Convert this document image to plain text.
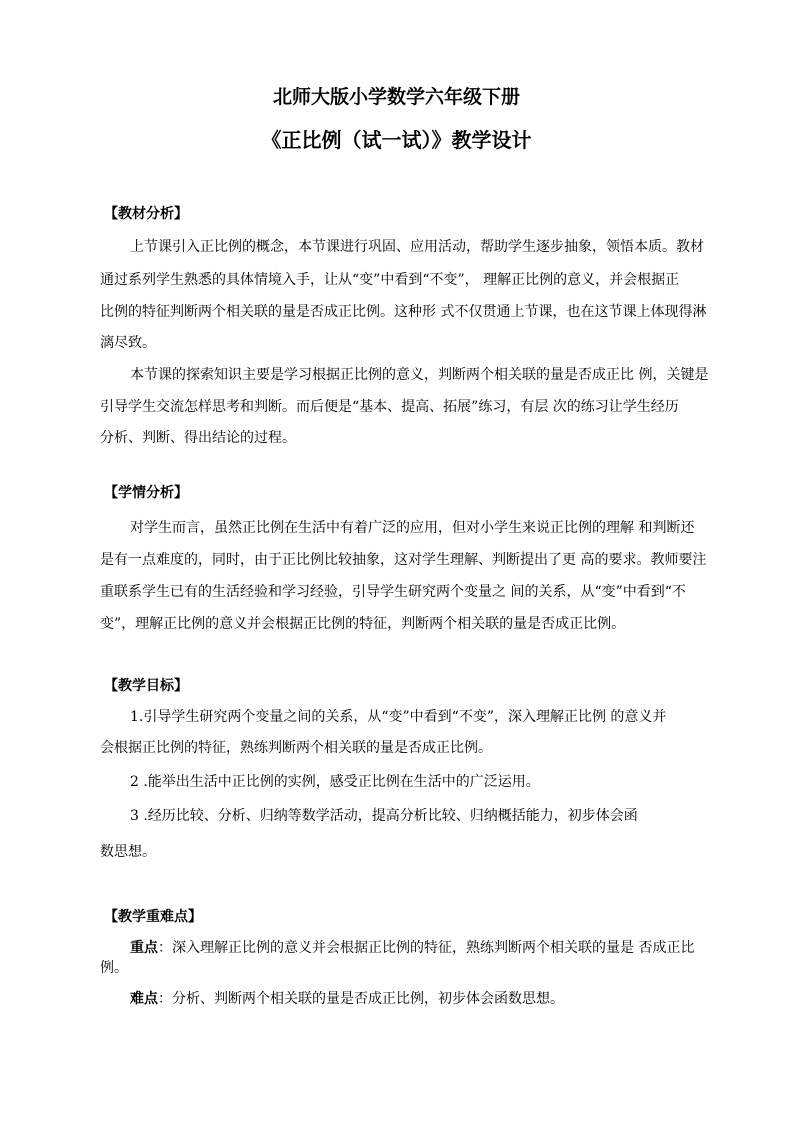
北师大版小学数学六年级下册
《正比例（试一试）》教学设计
【教材分析】
上节课引入正比例的概念，本节课进行巩固、应用活动，帮助学生逐步抽象，领悟本质。教材
通过系列学生熟悉的具体情境入手，让从“变”中看到“不变”， 理解正比例的意义，并会根据正
比例的特征判断两个相关联的量是否成正比例。这种形 式不仅贯通上节课，也在这节课上体现得淋
漓尽致。
本节课的探索知识主要是学习根据正比例的意义，判断两个相关联的量是否成正比 例，关键是
引导学生交流怎样思考和判断。而后便是“基本、提高、拓展”练习，有层 次的练习让学生经历
分析、判断、得出结论的过程。
【学情分析】
对学生而言，虽然正比例在生活中有着广泛的应用，但对小学生来说正比例的理解 和判断还
是有一点难度的，同时，由于正比例比较抽象，这对学生理解、判断提出了更 高的要求。教师要注
重联系学生已有的生活经验和学习经验，引导学生研究两个变量之 间的关系，从“变”中看到“不
变”，理解正比例的意义并会根据正比例的特征，判断两个相关联的量是否成正比例。
【教学目标】
1.引导学生研究两个变量之间的关系，从“变”中看到“不变”，深入理解正比例 的意义并
会根据正比例的特征，熟练判断两个相关联的量是否成正比例。
2 .能举出生活中正比例的实例，感受正比例在生活中的广泛运用。
3 .经历比较、分析、归纳等数学活动，提高分析比较、归纳概括能力，初步体会函
数思想。
【教学重难点】
重点：深入理解正比例的意义并会根据正比例的特征，熟练判断两个相关联的量是 否成正比
例。
难点：分析、判断两个相关联的量是否成正比例，初步体会函数思想。
